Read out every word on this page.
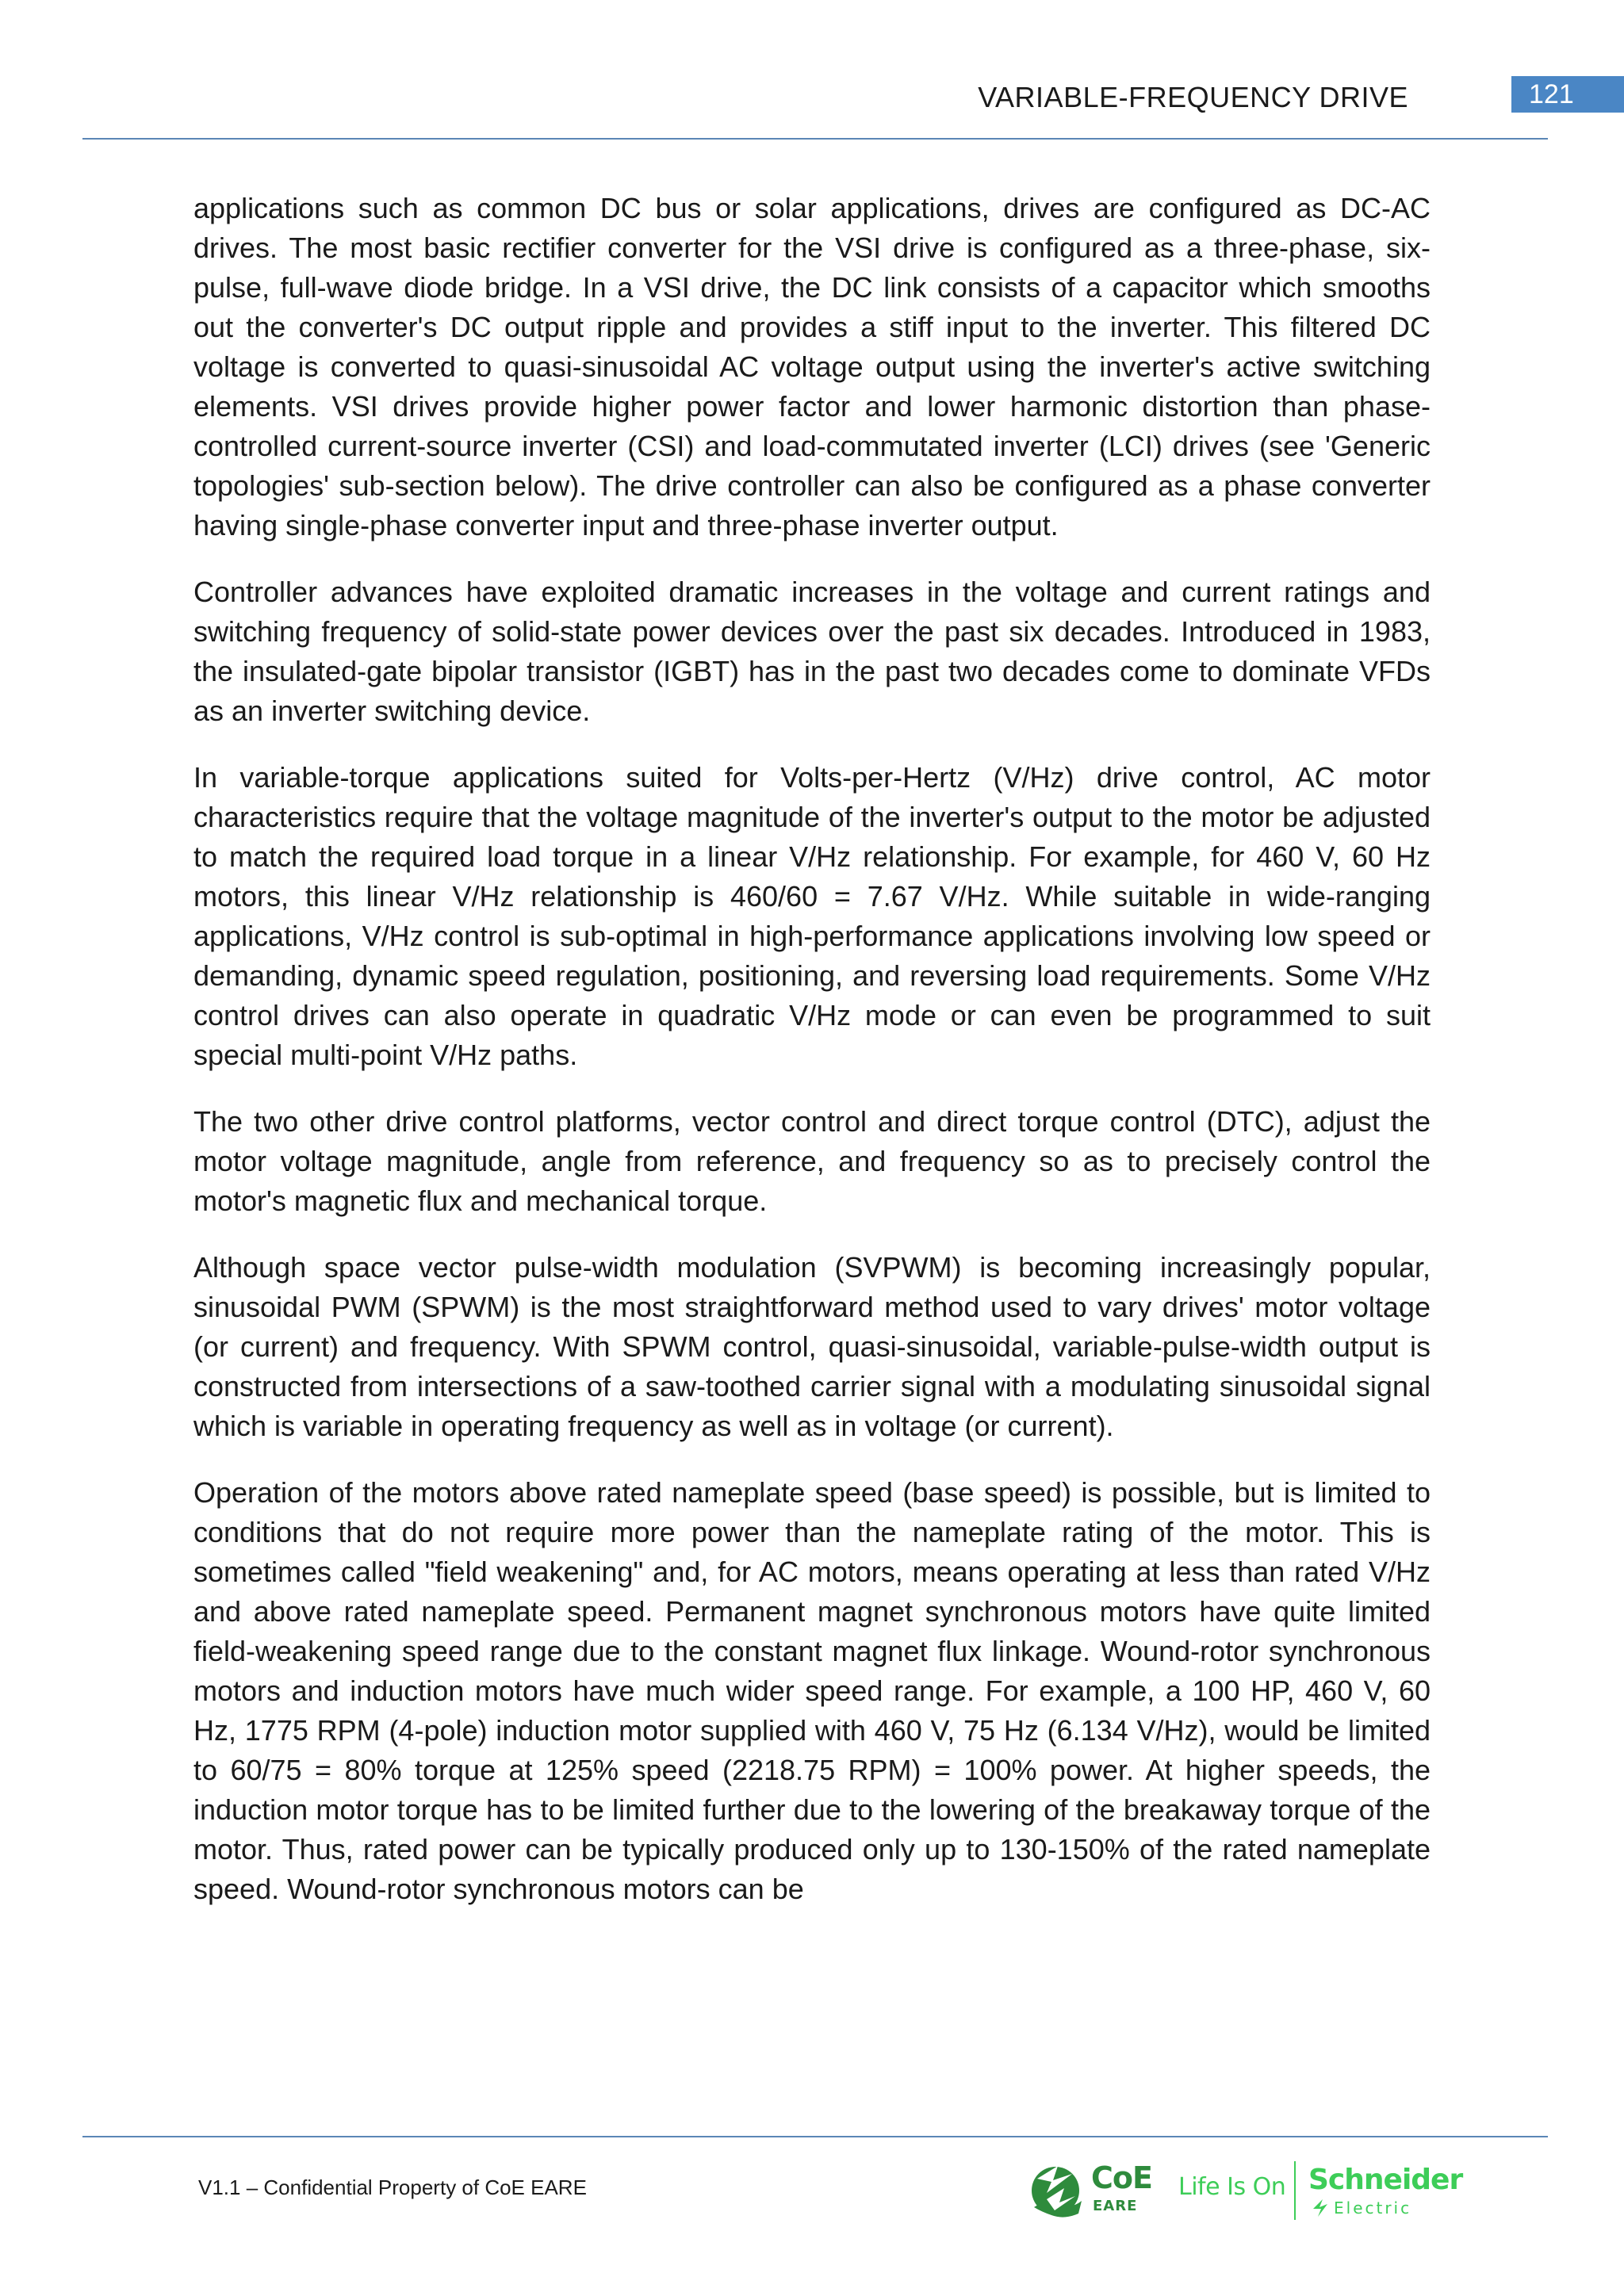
VARIABLE-FREQUENCY DRIVE	121

applications such as common DC bus or solar applications, drives are configured as DC-AC drives. The most basic rectifier converter for the VSI drive is configured as a three-phase, six-pulse, full-wave diode bridge. In a VSI drive, the DC link consists of a capacitor which smooths out the converter's DC output ripple and provides a stiff input to the inverter. This filtered DC voltage is converted to quasi-sinusoidal AC voltage output using the inverter's active switching elements. VSI drives provide higher power factor and lower harmonic distortion than phase-controlled current-source inverter (CSI) and load-commutated inverter (LCI) drives (see 'Generic topologies' sub-section below). The drive controller can also be configured as a phase converter having single-phase converter input and three-phase inverter output.

Controller advances have exploited dramatic increases in the voltage and current ratings and switching frequency of solid-state power devices over the past six decades. Introduced in 1983, the insulated-gate bipolar transistor (IGBT) has in the past two decades come to dominate VFDs as an inverter switching device.

In variable-torque applications suited for Volts-per-Hertz (V/Hz) drive control, AC motor characteristics require that the voltage magnitude of the inverter's output to the motor be adjusted to match the required load torque in a linear V/Hz relationship. For example, for 460 V, 60 Hz motors, this linear V/Hz relationship is 460/60 = 7.67 V/Hz. While suitable in wide-ranging applications, V/Hz control is sub-optimal in high-performance applications involving low speed or demanding, dynamic speed regulation, positioning, and reversing load requirements. Some V/Hz control drives can also operate in quadratic V/Hz mode or can even be programmed to suit special multi-point V/Hz paths.

The two other drive control platforms, vector control and direct torque control (DTC), adjust the motor voltage magnitude, angle from reference, and frequency so as to precisely control the motor's magnetic flux and mechanical torque.

Although space vector pulse-width modulation (SVPWM) is becoming increasingly popular, sinusoidal PWM (SPWM) is the most straightforward method used to vary drives' motor voltage (or current) and frequency. With SPWM control, quasi-sinusoidal, variable-pulse-width output is constructed from intersections of a saw-toothed carrier signal with a modulating sinusoidal signal which is variable in operating frequency as well as in voltage (or current).

Operation of the motors above rated nameplate speed (base speed) is possible, but is limited to conditions that do not require more power than the nameplate rating of the motor. This is sometimes called "field weakening" and, for AC motors, means operating at less than rated V/Hz and above rated nameplate speed. Permanent magnet synchronous motors have quite limited field-weakening speed range due to the constant magnet flux linkage. Wound-rotor synchronous motors and induction motors have much wider speed range. For example, a 100 HP, 460 V, 60 Hz, 1775 RPM (4-pole) induction motor supplied with 460 V, 75 Hz (6.134 V/Hz), would be limited to 60/75 = 80% torque at 125% speed (2218.75 RPM) = 100% power. At higher speeds, the induction motor torque has to be limited further due to the lowering of the breakaway torque of the motor. Thus, rated power can be typically produced only up to 130-150% of the rated nameplate speed. Wound-rotor synchronous motors can be

V1.1 – Confidential Property of CoE EARE	CoE
EARE
Life Is On Schneider
Electric
